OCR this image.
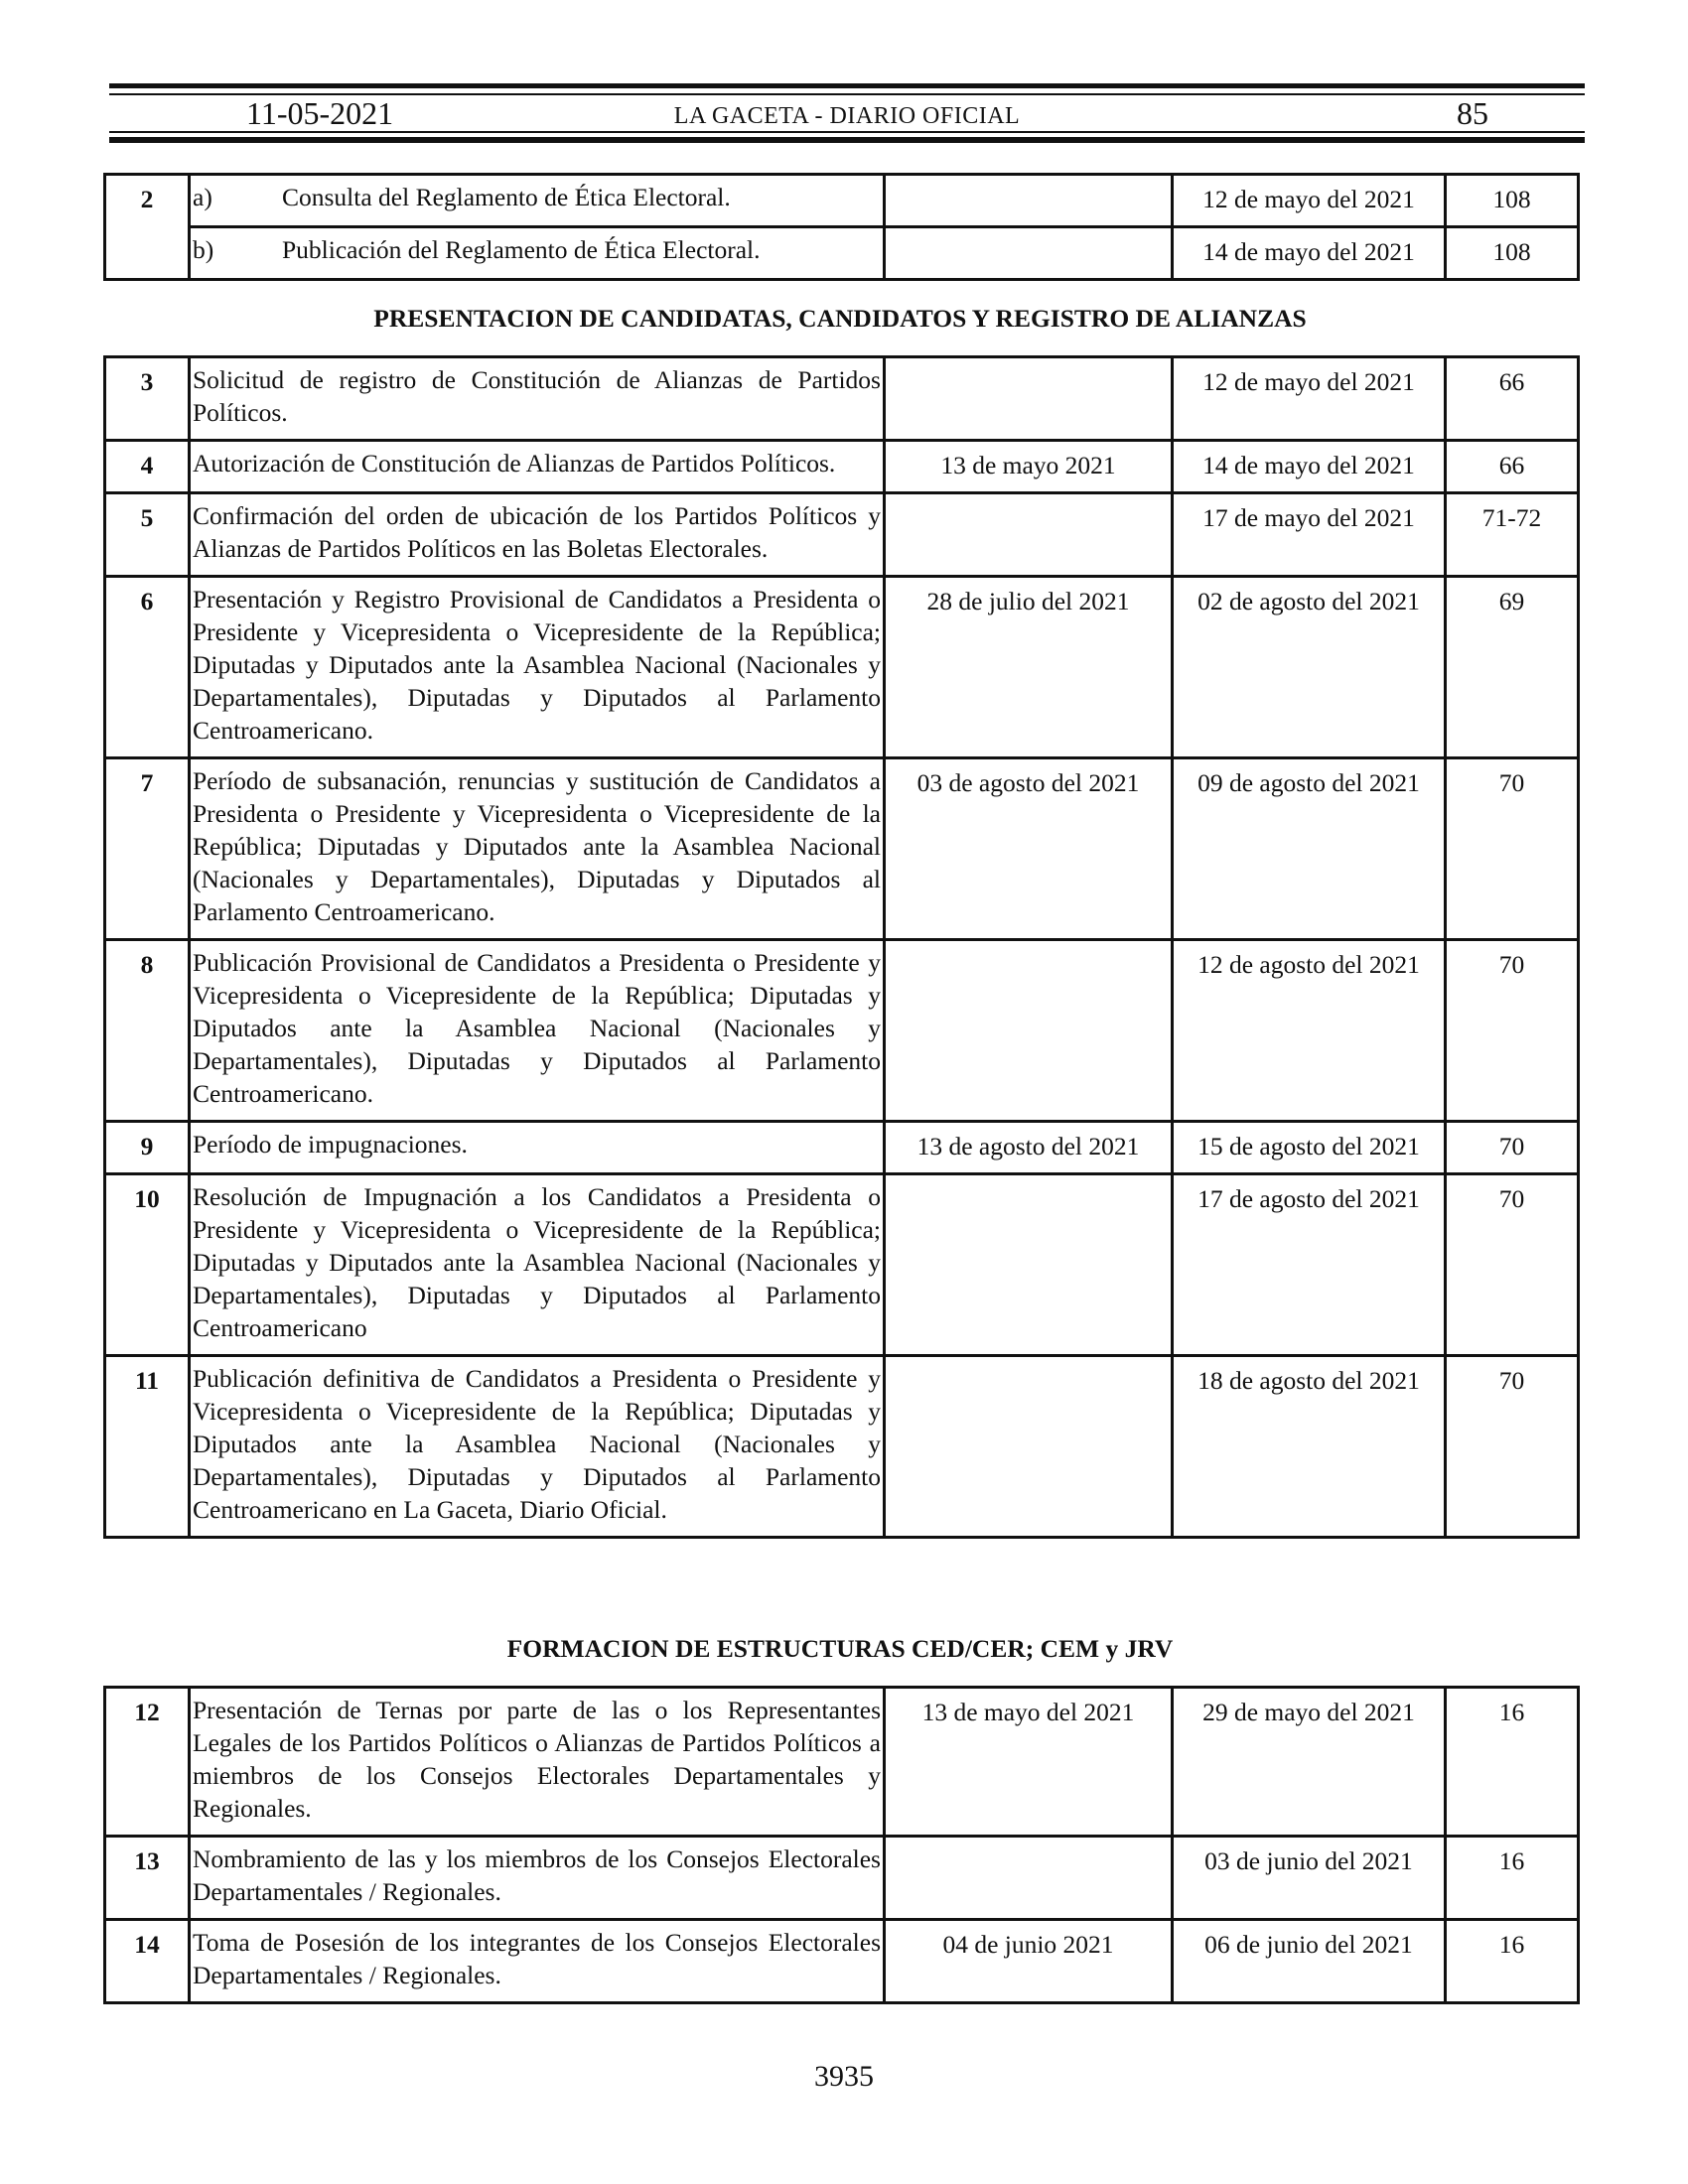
11-05-2021	LA GACETA - DIARIO OFICIAL	85
2	a) Consulta del Reglamento de Ética Electoral.		12 de mayo del 2021	108
	b) Publicación del Reglamento de Ética Electoral.		14 de mayo del 2021	108
PRESENTACION DE CANDIDATAS, CANDIDATOS Y REGISTRO DE ALIANZAS
3	Solicitud de registro de Constitución de Alianzas de Partidos Políticos.		12 de mayo del 2021	66
4	Autorización de Constitución de Alianzas de Partidos Políticos.	13 de mayo 2021	14 de mayo del 2021	66
5	Confirmación del orden de ubicación de los Partidos Políticos y Alianzas de Partidos Políticos en las Boletas Electorales.		17 de mayo del 2021	71-72
6	Presentación y Registro Provisional de Candidatos a Presidenta o Presidente y Vicepresidenta o Vicepresidente de la República; Diputadas y Diputados ante la Asamblea Nacional (Nacionales y Departamentales), Diputadas y Diputados al Parlamento Centroamericano.	28 de julio del 2021	02 de agosto del 2021	69
7	Período de subsanación, renuncias y sustitución de Candidatos a Presidenta o Presidente y Vicepresidenta o Vicepresidente de la República; Diputadas y Diputados ante la Asamblea Nacional (Nacionales y Departamentales), Diputadas y Diputados al Parlamento Centroamericano.	03 de agosto del 2021	09 de agosto del 2021	70
8	Publicación Provisional de Candidatos a Presidenta o Presidente y Vicepresidenta o Vicepresidente de la República; Diputadas y Diputados ante la Asamblea Nacional (Nacionales y Departamentales), Diputadas y Diputados al Parlamento Centroamericano.		12 de agosto del 2021	70
9	Período de impugnaciones.	13 de agosto del 2021	15 de agosto del 2021	70
10	Resolución de Impugnación a los Candidatos a Presidenta o Presidente y Vicepresidenta o Vicepresidente de la República; Diputadas y Diputados ante la Asamblea Nacional (Nacionales y Departamentales), Diputadas y Diputados al Parlamento Centroamericano		17 de agosto del 2021	70
11	Publicación definitiva de Candidatos a Presidenta o Presidente y Vicepresidenta o Vicepresidente de la República; Diputadas y Diputados ante la Asamblea Nacional (Nacionales y Departamentales), Diputadas y Diputados al Parlamento Centroamericano en La Gaceta, Diario Oficial.		18 de agosto del 2021	70
FORMACION DE ESTRUCTURAS CED/CER; CEM y JRV
12	Presentación de Ternas por parte de las o los Representantes Legales de los Partidos Políticos o Alianzas de Partidos Políticos a miembros de los Consejos Electorales Departamentales y Regionales.	13 de mayo del 2021	29 de mayo del 2021	16
13	Nombramiento de las y los miembros de los Consejos Electorales Departamentales / Regionales.		03 de junio del 2021	16
14	Toma de Posesión de los integrantes de los Consejos Electorales Departamentales / Regionales.	04 de junio 2021	06 de junio del 2021	16
3935
